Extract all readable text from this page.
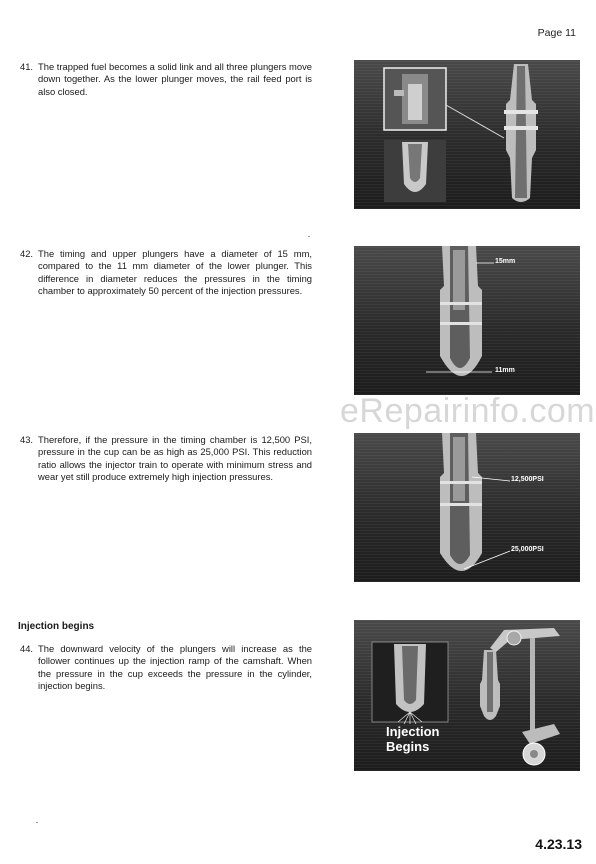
Page 11
41. The trapped fuel becomes a solid link and all three plungers move down together. As the lower plunger moves, the rail feed port is also closed.
42. The timing and upper plungers have a diameter of 15 mm, compared to the 11 mm diameter of the lower plunger. This difference in diameter reduces the pressures in the timing chamber to approximately 50 percent of the injection pressures.
15mm
11mm
eRepairinfo.com
43. Therefore, if the pressure in the timing chamber is 12,500 PSI, pressure in the cup can be as high as 25,000 PSI. This reduction ratio allows the injector train to operate with minimum stress and wear yet still produce extremely high injection pressures.	12,500PSI
25,000PSI
Injection begins
44. The downward velocity of the plungers will increase as the follower continues up the injection ramp of the camshaft. When the pressure in the cup exceeds the pressure in the cylinder, injection begins.
Injection
Begins
4.23.13
